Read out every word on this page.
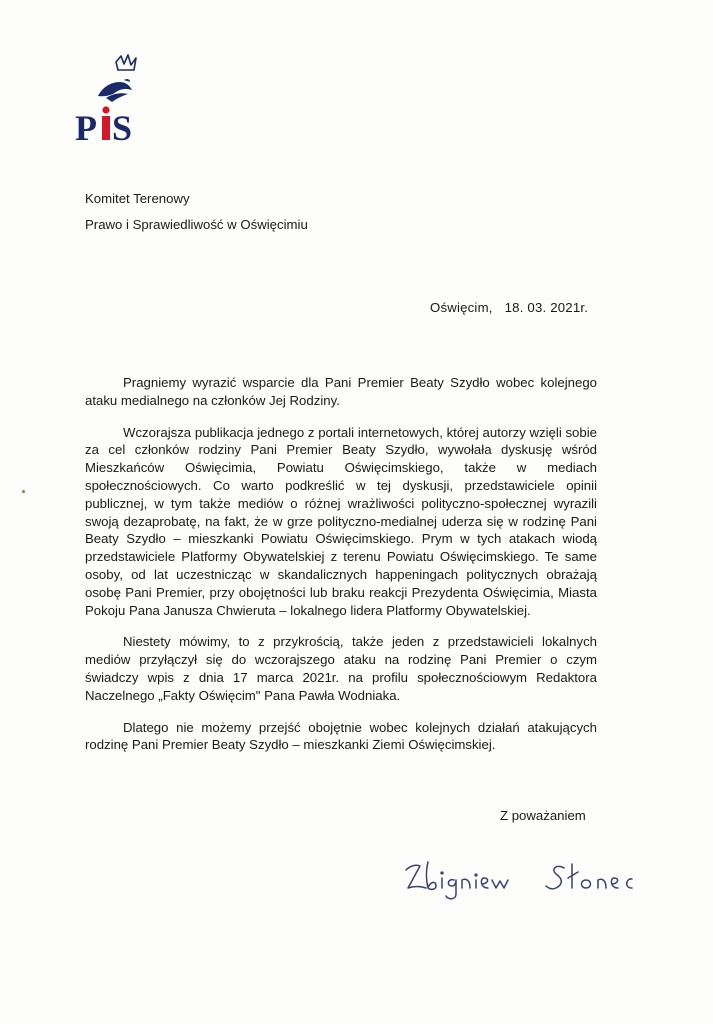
P S
Komitet Terenowy
Prawo i Sprawiedliwość w Oświęcimiu
Oświęcim, 18. 03. 2021r.

Pragniemy wyrazić wsparcie dla Pani Premier Beaty Szydło wobec kolejnego ataku medialnego na członków Jej Rodziny.

Wczorajsza publikacja jednego z portali internetowych, której autorzy wzięli sobie za cel członków rodziny Pani Premier Beaty Szydło, wywołała dyskusję wśród Mieszkańców Oświęcimia, Powiatu Oświęcimskiego, także w mediach społecznościowych. Co warto podkreślić w tej dyskusji, przedstawiciele opinii publicznej, w tym także mediów o różnej wrażliwości polityczno-społecznej wyrazili swoją dezaprobatę, na fakt, że w grze polityczno-medialnej uderza się w rodzinę Pani Beaty Szydło – mieszkanki Powiatu Oświęcimskiego. Prym w tych atakach wiodą przedstawiciele Platformy Obywatelskiej z terenu Powiatu Oświęcimskiego. Te same osoby, od lat uczestnicząc w skandalicznych happeningach politycznych obrażają osobę Pani Premier, przy obojętności lub braku reakcji Prezydenta Oświęcimia, Miasta Pokoju Pana Janusza Chwieruta – lokalnego lidera Platformy Obywatelskiej.

Niestety mówimy, to z przykrością, także jeden z przedstawicieli lokalnych mediów przyłączył się do wczorajszego ataku na rodzinę Pani Premier o czym świadczy wpis z dnia 17 marca 2021r. na profilu społecznościowym Redaktora Naczelnego „Fakty Oświęcim" Pana Pawła Wodniaka.

Dlatego nie możemy przejść obojętnie wobec kolejnych działań atakujących rodzinę Pani Premier Beaty Szydło – mieszkanki Ziemi Oświęcimskiej.

Z poważaniem
